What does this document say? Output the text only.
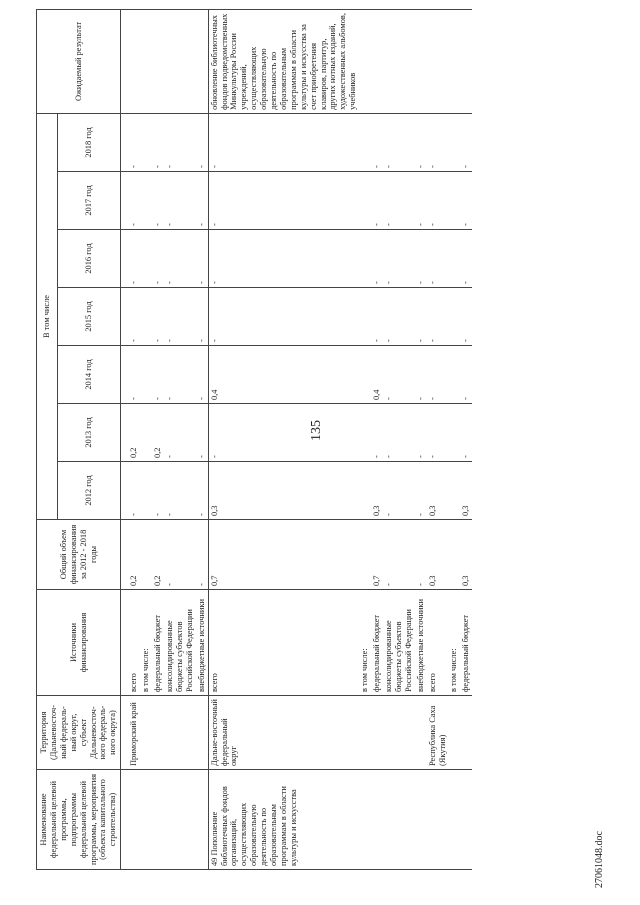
135
Наименование федеральной целевой программы, подпрограммы федеральной целевой программы, мероприятия (объекта капитального строительства)	Территория (Дальневосточ-ный федераль-ный округ, субъект Дальневосточ-ного федераль-ного округа)	Источники финансирования	Общий объем финансирования за 2012 - 2018 годы	В том числе							Ожидаемый результат
				2012 год	2013 год	2014 год	2015 год	2016 год	2017 год	2018 год	
	Приморский край	всего	0,2	-	0,2	-	-	-	-	-	
		в том числе:									
		федеральный бюджет	0,2	-	0,2	-	-	-	-	-	
		консолидированные бюджеты субъектов Российской Федерации	-	-	-	-	-	-	-	-	
		внебюджетные источники	-	-	-	-	-	-	-	-	
49 Пополнение библиотечных фондов организаций, осуществляющих образовательную деятельность по образовательным программам в области культуры и искусства	Дальне-восточный федеральный округ	всего	0,7	0,3	-	0,4	-	-	-	-	обновление библиотечных фондов подведомственных Минкультуры России учреждений, осуществляющих образовательную деятельность по образовательным программам в области культуры и искусства за счет приобретения клавиров, партитур, других нотных изданий, художественных альбомов, учебников
		в том числе:									
		федеральный бюджет	0,7	0,3	-	0,4	-	-	-	-	
		консолидированные бюджеты субъектов Российской Федерации	-	-	-	-	-	-	-	-	
		внебюджетные источники	-	-	-	-	-	-	-	-	
	Республика Саха (Якутия)	всего	0,3	0,3	-	-	-	-	-	-	
		в том числе:									
		федеральный бюджет	0,3	0,3	-	-	-	-	-	-	
27061048.doc
